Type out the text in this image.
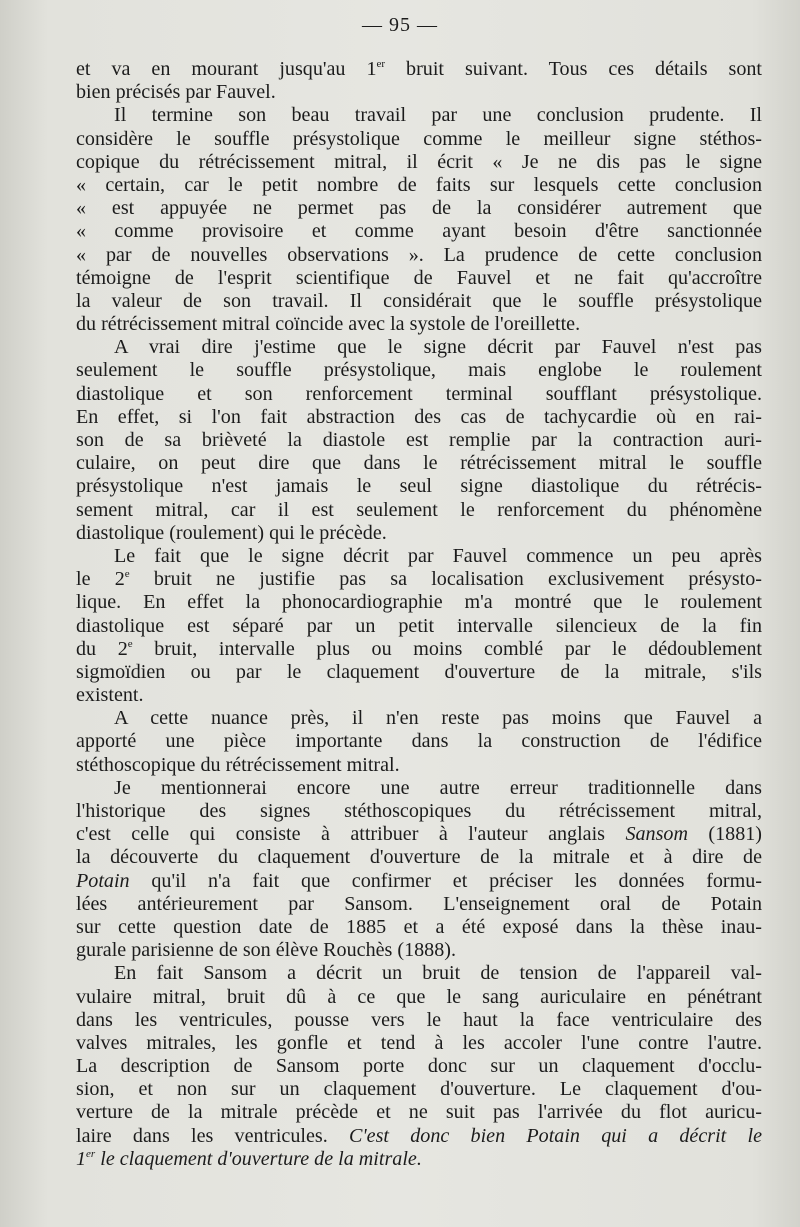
— 95 —
et va en mourant jusqu'au 1er bruit suivant. Tous ces détails sont
bien précisés par Fauvel.
Il termine son beau travail par une conclusion prudente. Il
considère le souffle présystolique comme le meilleur signe stéthos-
copique du rétrécissement mitral, il écrit « Je ne dis pas le signe
« certain, car le petit nombre de faits sur lesquels cette conclusion
« est appuyée ne permet pas de la considérer autrement que
« comme provisoire et comme ayant besoin d'être sanctionnée
« par de nouvelles observations ». La prudence de cette conclusion
témoigne de l'esprit scientifique de Fauvel et ne fait qu'accroître
la valeur de son travail. Il considérait que le souffle présystolique
du rétrécissement mitral coïncide avec la systole de l'oreillette.
A vrai dire j'estime que le signe décrit par Fauvel n'est pas
seulement le souffle présystolique, mais englobe le roulement
diastolique et son renforcement terminal soufflant présystolique.
En effet, si l'on fait abstraction des cas de tachycardie où en rai-
son de sa brièveté la diastole est remplie par la contraction auri-
culaire, on peut dire que dans le rétrécissement mitral le souffle
présystolique n'est jamais le seul signe diastolique du rétrécis-
sement mitral, car il est seulement le renforcement du phénomène
diastolique (roulement) qui le précède.
Le fait que le signe décrit par Fauvel commence un peu après
le 2e bruit ne justifie pas sa localisation exclusivement présysto-
lique. En effet la phonocardiographie m'a montré que le roulement
diastolique est séparé par un petit intervalle silencieux de la fin
du 2e bruit, intervalle plus ou moins comblé par le dédoublement
sigmoïdien ou par le claquement d'ouverture de la mitrale, s'ils
existent.
A cette nuance près, il n'en reste pas moins que Fauvel a
apporté une pièce importante dans la construction de l'édifice
stéthoscopique du rétrécissement mitral.
Je mentionnerai encore une autre erreur traditionnelle dans
l'historique des signes stéthoscopiques du rétrécissement mitral,
c'est celle qui consiste à attribuer à l'auteur anglais Sansom (1881)
la découverte du claquement d'ouverture de la mitrale et à dire de
Potain qu'il n'a fait que confirmer et préciser les données formu-
lées antérieurement par Sansom. L'enseignement oral de Potain
sur cette question date de 1885 et a été exposé dans la thèse inau-
gurale parisienne de son élève Rouchès (1888).
En fait Sansom a décrit un bruit de tension de l'appareil val-
vulaire mitral, bruit dû à ce que le sang auriculaire en pénétrant
dans les ventricules, pousse vers le haut la face ventriculaire des
valves mitrales, les gonfle et tend à les accoler l'une contre l'autre.
La description de Sansom porte donc sur un claquement d'occlu-
sion, et non sur un claquement d'ouverture. Le claquement d'ou-
verture de la mitrale précède et ne suit pas l'arrivée du flot auricu-
laire dans les ventricules. C'est donc bien Potain qui a décrit le
1er le claquement d'ouverture de la mitrale.
